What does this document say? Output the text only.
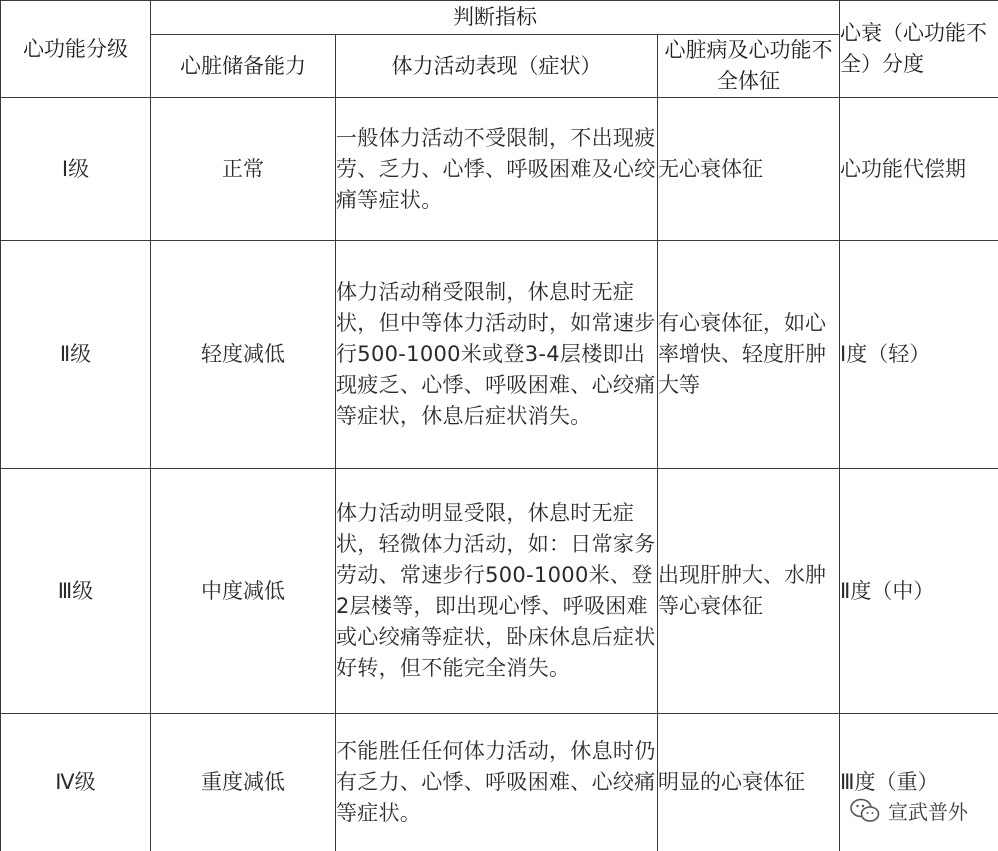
心功能分级	判断指标			心衰（心功能不全）分度
	心脏储备能力	体力活动表现（症状）	心脏病及心功能不全体征	
Ⅰ级	正常	一般体力活动不受限制，不出现疲劳、乏力、心悸、呼吸困难及心绞痛等症状。	无心衰体征	心功能代偿期
Ⅱ级	轻度减低	体力活动稍受限制，休息时无症状，但中等体力活动时，如常速步行500-1000米或登3-4层楼即出现疲乏、心悸、呼吸困难、心绞痛等症状，休息后症状消失。	有心衰体征，如心率增快、轻度肝肿大等	Ⅰ度（轻）
Ⅲ级	中度减低	体力活动明显受限，休息时无症状，轻微体力活动，如：日常家务劳动、常速步行500-1000米、登2层楼等，即出现心悸、呼吸困难或心绞痛等症状，卧床休息后症状好转，但不能完全消失。	出现肝肿大、水肿等心衰体征	Ⅱ度（中）
Ⅳ级	重度减低	不能胜任任何体力活动，休息时仍有乏力、心悸、呼吸困难、心绞痛等症状。	明显的心衰体征	Ⅲ度（重）
宣武普外
